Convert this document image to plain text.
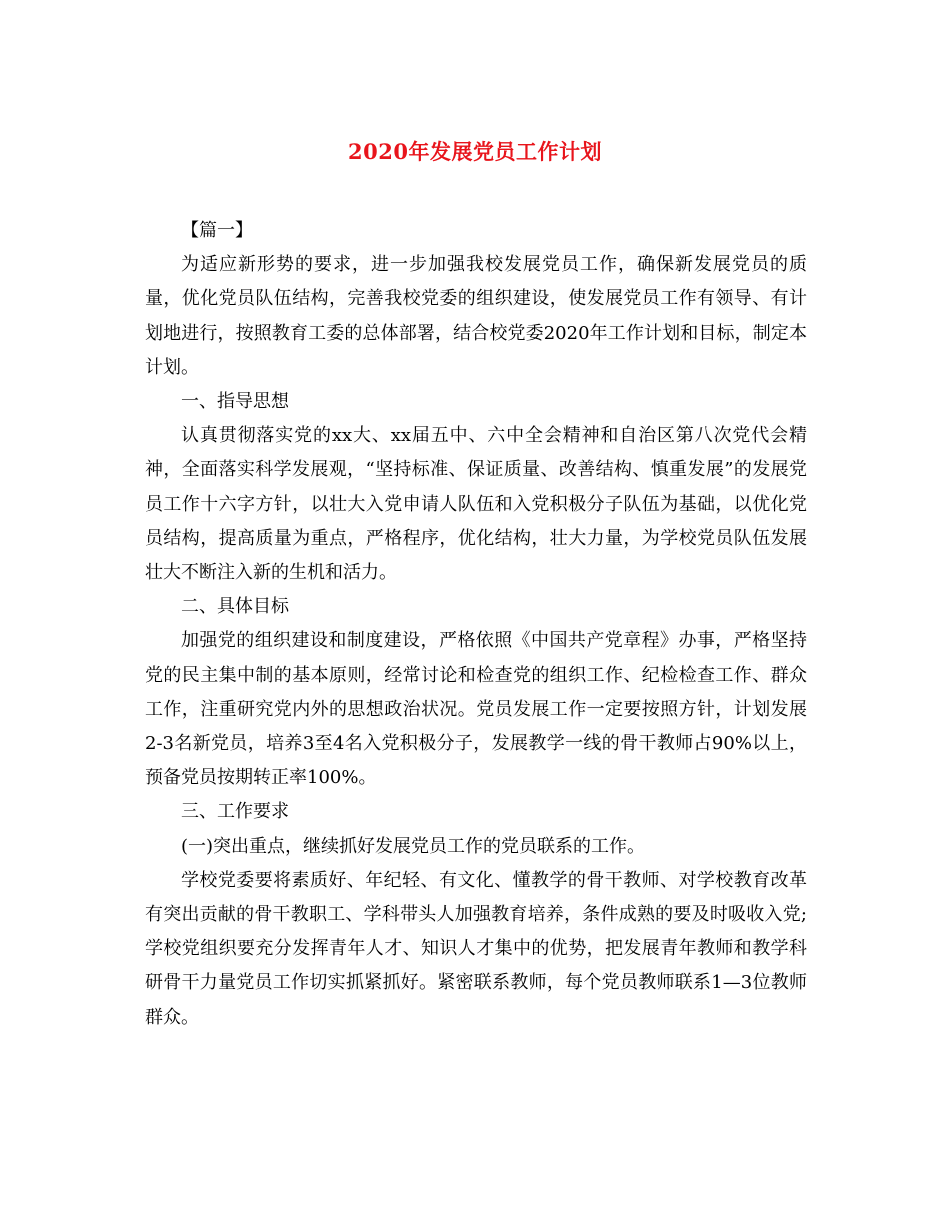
2020年发展党员工作计划

【篇一】

为适应新形势的要求，进一步加强我校发展党员工作，确保新发展党员的质量，优化党员队伍结构，完善我校党委的组织建设，使发展党员工作有领导、有计划地进行，按照教育工委的总体部署，结合校党委2020年工作计划和目标，制定本计划。

一、指导思想

认真贯彻落实党的xx大、xx届五中、六中全会精神和自治区第八次党代会精神，全面落实科学发展观，“坚持标准、保证质量、改善结构、慎重发展”的发展党员工作十六字方针，以壮大入党申请人队伍和入党积极分子队伍为基础，以优化党员结构，提高质量为重点，严格程序，优化结构，壮大力量，为学校党员队伍发展壮大不断注入新的生机和活力。

二、具体目标

加强党的组织建设和制度建设，严格依照《中国共产党章程》办事，严格坚持党的民主集中制的基本原则，经常讨论和检查党的组织工作、纪检检查工作、群众工作，注重研究党内外的思想政治状况。党员发展工作一定要按照方针，计划发展2-3名新党员，培养3至4名入党积极分子，发展教学一线的骨干教师占90%以上，预备党员按期转正率100%。

三、工作要求

(一)突出重点，继续抓好发展党员工作的党员联系的工作。

学校党委要将素质好、年纪轻、有文化、懂教学的骨干教师、对学校教育改革有突出贡献的骨干教职工、学科带头人加强教育培养，条件成熟的要及时吸收入党;学校党组织要充分发挥青年人才、知识人才集中的优势，把发展青年教师和教学科研骨干力量党员工作切实抓紧抓好。紧密联系教师，每个党员教师联系1—3位教师群众。
